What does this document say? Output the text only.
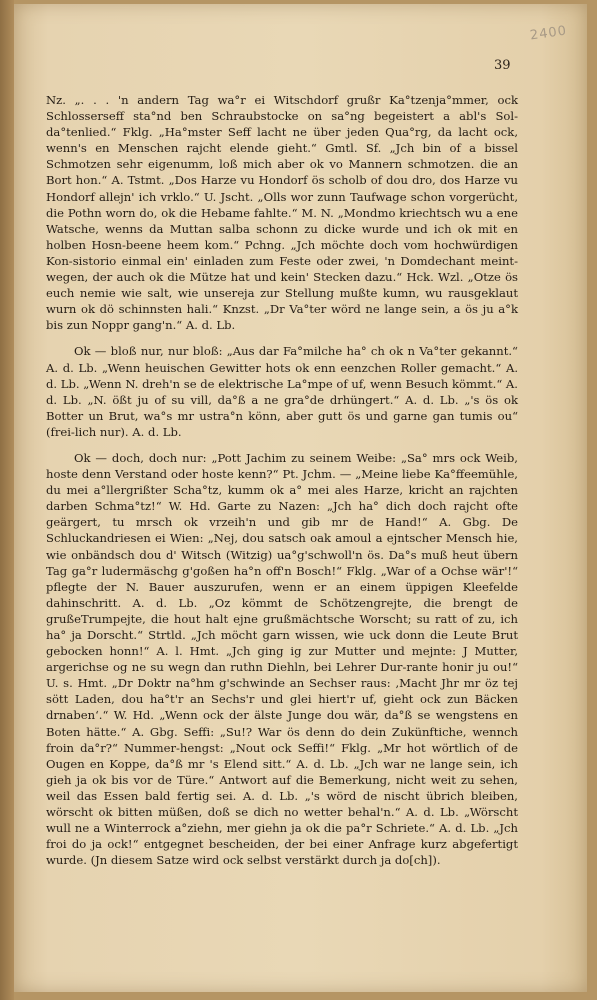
2400
39

Nz. „. . . 'n andern Tag wa°r ei Witschdorf grußr Ka°tzenja°mmer, ock Schlosserseff sta°nd ben Schraubstocke on sa°ng begeistert a abl's Sol-da°tenlied.“ Fklg. „Ha°mster Seff lacht ne über jeden Qua°rg, da lacht ock, wenn's en Menschen rajcht elende gieht.“ Gmtl. Sf. „Jch bin of a bissel Schmotzen sehr eigenumm, loß mich aber ok vo Mannern schmotzen. die an Bort hon.“ A. Tstmt. „Dos Harze vu Hondorf ös scholb of dou dro, dos Harze vu Hondorf allejn' ich vrklo.“ U. Jscht. „Olls wor zunn Taufwage schon vorgerücht, die Pothn worn do, ok die Hebame fahlte.“ M. N. „Mondmo kriechtsch wu a ene Watsche, wenns da Muttan salba schonn zu dicke wurde und ich ok mit en holben Hosn-beene heem kom.“ Pchng. „Jch möchte doch vom hochwürdigen Kon-sistorio einmal ein' einladen zum Feste oder zwei, 'n Domdechant meint-wegen, der auch ok die Mütze hat und kein' Stecken dazu.“ Hck. Wzl. „Otze ös euch nemie wie salt, wie unsereja zur Stellung mußte kumn, wu rausgeklaut wurn ok dö schinnsten hali.“ Knzst. „Dr Va°ter wörd ne lange sein, a ös ju a°k bis zun Noppr gang'n.“ A. d. Lb.

Ok — bloß nur, nur bloß: „Aus dar Fa°milche ha° ch ok n Va°ter gekannt.“ A. d. Lb. „Wenn heuischen Gewitter hots ok enn eenzchen Roller gemacht.“ A. d. Lb. „Wenn N. dreh'n se de elektrische La°mpe of uf, wenn Besuch kömmt.“ A. d. Lb. „N. ößt ju of su vill, da°ß a ne gra°de drhüngert.“ A. d. Lb. „'s ös ok Botter un Brut, wa°s mr ustra°n könn, aber gutt ös und garne gan tumis ou“ (frei-lich nur). A. d. Lb.

Ok — doch, doch nur: „Pott Jachim zu seinem Weibe: „Sa° mrs ock Weib, hoste denn Verstand oder hoste kenn?“ Pt. Jchm. — „Meine liebe Ka°ffeemühle, du mei a°llergrißter Scha°tz, kumm ok a° mei ales Harze, kricht an rajchten darben Schma°tz!“ W. Hd. Garte zu Nazen: „Jch ha° dich doch rajcht ofte geärgert, tu mrsch ok vrzeih'n und gib mr de Hand!“ A. Gbg. De Schluckandriesen ei Wien: „Nej, dou satsch oak amoul a ejntscher Mensch hie, wie onbändsch dou d' Witsch (Witzig) ua°g'schwoll'n ös. Da°s muß heut übern Tag ga°r ludermäschg g'goßen ha°n off'n Bosch!“ Fklg. „War of a Ochse wär'!“ pflegte der N. Bauer auszurufen, wenn er an einem üppigen Kleefelde dahinschritt. A. d. Lb. „Oz kömmt de Schötzengrejte, die brengt de grußeTrumpejte, die hout halt ejne grußmächtsche Worscht; su ratt of zu, ich ha° ja Dorscht.“ Strtld. „Jch möcht garn wissen, wie uck donn die Leute Brut gebocken honn!“ A. l. Hmt. „Jch ging ig zur Mutter und mejnte: J Mutter, argerichse og ne su wegn dan ruthn Diehln, bei Lehrer Dur-rante honir ju ou!“ U. s. Hmt. „Dr Doktr na°hm g'schwinde an Sechser raus: ‚Macht Jhr mr öz tej sött Laden, dou ha°t'r an Sechs'r und glei hiert'r uf, gieht ock zun Bäcken drnaben‘.“ W. Hd. „Wenn ock der älste Junge dou wär, da°ß se wengstens en Boten hätte.“ A. Gbg. Seffi: „Su!? War ös denn do dein Zukünftiche, wennch froin da°r?“ Nummer-hengst: „Nout ock Seffi!“ Fklg. „Mr hot wörtlich of de Ougen en Koppe, da°ß mr 's Elend sitt.“ A. d. Lb. „Jch war ne lange sein, ich gieh ja ok bis vor de Türe.“ Antwort auf die Bemerkung, nicht weit zu sehen, weil das Essen bald fertig sei. A. d. Lb. „'s wörd de nischt übrich bleiben, wörscht ok bitten müßen, doß se dich no wetter behal'n.“ A. d. Lb. „Wörscht wull ne a Winterrock a°ziehn, mer giehn ja ok die pa°r Schriete.“ A. d. Lb. „Jch froi do ja ock!“ entgegnet bescheiden, der bei einer Anfrage kurz abgefertigt wurde. (Jn diesem Satze wird ock selbst verstärkt durch ja do[ch]).
